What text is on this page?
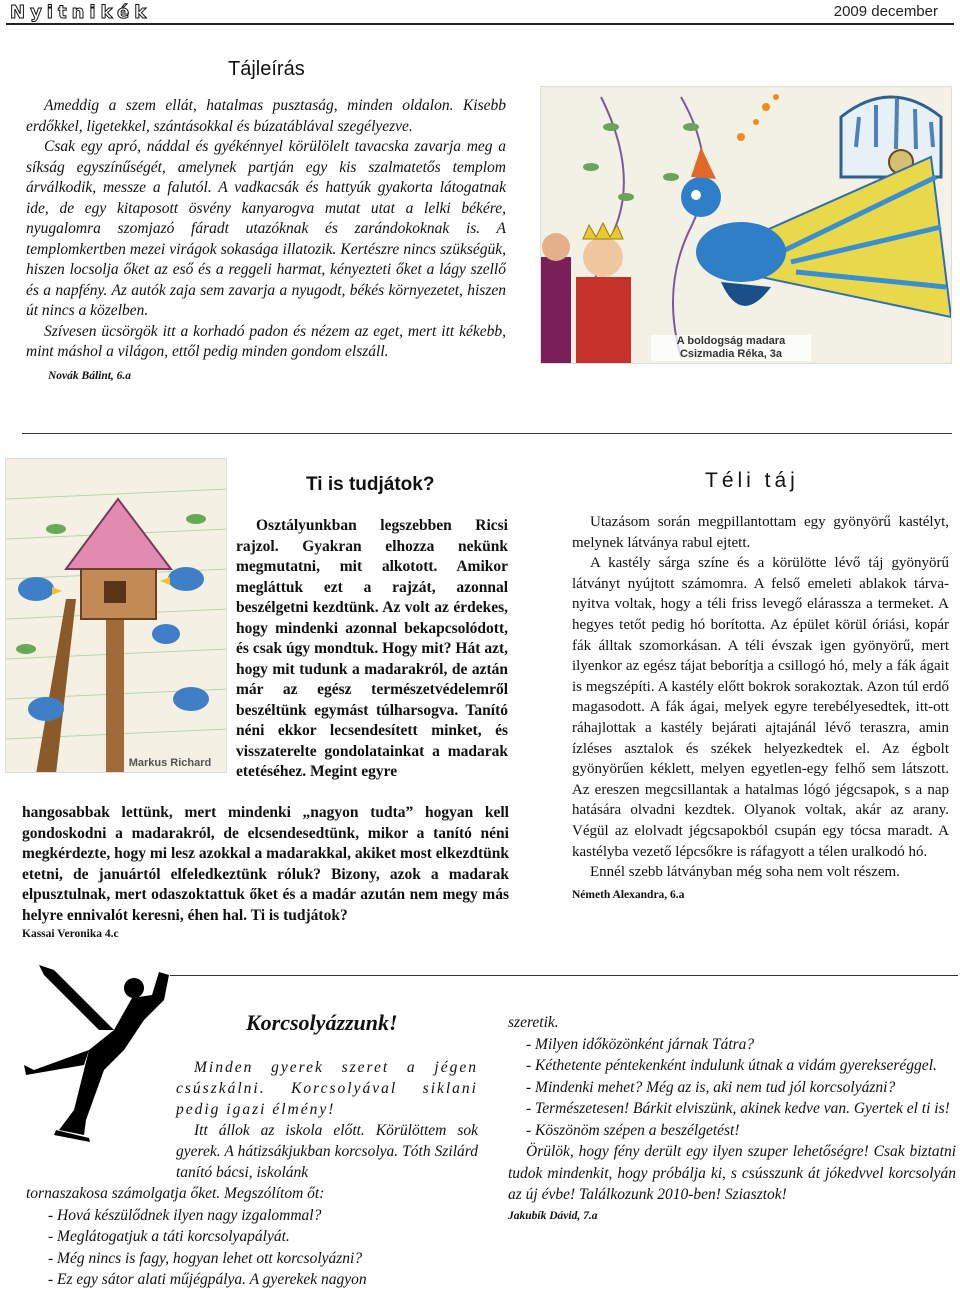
Nyitnikék	2009 december
Tájleírás

Ameddig a szem ellát, hatalmas pusztaság, minden oldalon. Kisebb erdőkkel, ligetekkel, szántásokkal és búzatáblával szegélyezve.

Csak egy apró, náddal és gyékénnyel körülölelt tavacska zavarja meg a síkság egyszínűségét, amelynek partján egy kis szalmatetős templom árválkodik, messze a falutól. A vadkacsák és hattyúk gyakorta látogatnak ide, de egy kitaposott ösvény kanyarogva mutat utat a lelki békére, nyugalomra szomjazó fáradt utazóknak és zarándokoknak is. A templomkertben mezei virágok sokasága illatozik. Kertészre nincs szükségük, hiszen locsolja őket az eső és a reggeli harmat, kényezteti őket a lágy szellő és a napfény. Az autók zaja sem zavarja a nyugodt, békés környezetet, hiszen út nincs a közelben.

Szívesen ücsörgök itt a korhadó padon és nézem az eget, mert itt kékebb, mint máshol a világon, ettől pedig minden gondom elszáll.

Novák Bálint, 6.a
A boldogság madara
Csizmadia Réka, 3a
Markus Richard
Ti is tudjátok?
Osztályunkban legszebben Ricsi rajzol. Gyakran elhozza nekünk megmutatni, mit alkotott. Amikor megláttuk ezt a rajzát, azonnal beszélgetni kezdtünk. Az volt az érdekes, hogy mindenki azonnal bekapcsolódott, és csak úgy mondtuk. Hogy mit? Hát azt, hogy mit tudunk a madarakról, de aztán már az egész természetvédelemről beszéltünk egymást túlharsogva. Tanító néni ekkor lecsendesített minket, és visszaterelte gondolatainkat a madarak etetéséhez. Megint egyre
hangosabbak lettünk, mert mindenki „nagyon tudta” hogyan kell gondoskodni a madarakról, de elcsendesedtünk, mikor a tanító néni megkérdezte, hogy mi lesz azokkal a madarakkal, akiket most elkezdtünk etetni, de januártól elfeledkeztünk róluk? Bizony, azok a madarak elpusztulnak, mert odaszoktattuk őket és a madár azután nem megy más helyre ennivalót keresni, éhen hal. Ti is tudjátok?
Kassai Veronika 4.c
Téli táj

Utazásom során megpillantottam egy gyönyörű kastélyt, melynek látványa rabul ejtett.

A kastély sárga színe és a körülötte lévő táj gyönyörű látványt nyújtott számomra. A felső emeleti ablakok tárva-nyitva voltak, hogy a téli friss levegő elárassza a termeket. A hegyes tetőt pedig hó borította. Az épület körül óriási, kopár fák álltak szomorkásan. A téli évszak igen gyönyörű, mert ilyenkor az egész tájat beborítja a csillogó hó, mely a fák ágait is megszépíti. A kastély előtt bokrok sorakoztak. Azon túl erdő magasodott. A fák ágai, melyek egyre terebélyesedtek, itt-ott ráhajlottak a kastély bejárati ajtajánál lévő teraszra, amin ízléses asztalok és székek helyezkedtek el. Az égbolt gyönyörűen kéklett, melyen egyetlen-egy felhő sem látszott. Az ereszen megcsillantak a hatalmas lógó jégcsapok, s a nap hatására olvadni kezdtek. Olyanok voltak, akár az arany. Végül az elolvadt jégcsapokból csupán egy tócsa maradt. A kastélyba vezető lépcsőkre is ráfagyott a télen uralkodó hó.

Ennél szebb látványban még soha nem volt részem.

Németh Alexandra, 6.a
Korcsolyázzunk!

Minden gyerek szeret a jégen csúszkálni. Korcsolyával siklani pedig igazi élmény!

Itt állok az iskola előtt. Körülöttem sok gyerek. A hátizsákjukban korcsolya. Tóth Szilárd tanító bácsi, iskolánk

tornaszakosa számolgatja őket. Megszólítom őt:

- Hová készülődnek ilyen nagy izgalommal?

- Meglátogatjuk a táti korcsolyapályát.

- Még nincs is fagy, hogyan lehet ott korcsolyázni?

- Ez egy sátor alati műjégpálya. A gyerekek nagyon

szeretik.

- Milyen időközönként járnak Tátra?

- Kéthetente péntekenként indulunk útnak a vidám gyerekseréggel.

- Mindenki mehet? Még az is, aki nem tud jól korcsolyázni?

- Természetesen! Bárkit elviszünk, akinek kedve van. Gyertek el ti is!

- Köszönöm szépen a beszélgetést!

Örülök, hogy fény derült egy ilyen szuper lehetőségre! Csak biztatni tudok mindenkit, hogy próbálja ki, s csússzunk át jókedvvel korcsolyán az új évbe! Találkozunk 2010-ben! Sziasztok!

Jakubík Dávid, 7.a
